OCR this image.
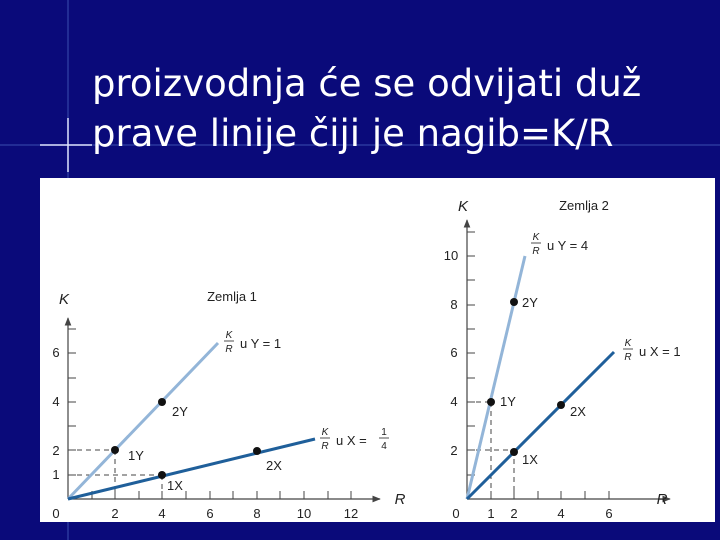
proizvodnja će se odvijati duž
prave linije čiji je nagib=K/R
0	2	4	6	8	10	12
1
2
4
6
K
R
Zemlja 1
1Y
2Y
1X
2X
K
R u Y = 1
K
R u X =
1
4
0 1 2	4	6
2
4
6
8
10
K
R
Zemlja 2
1Y
2Y
1X
2X
K
R u Y = 4
K
R u X = 1
